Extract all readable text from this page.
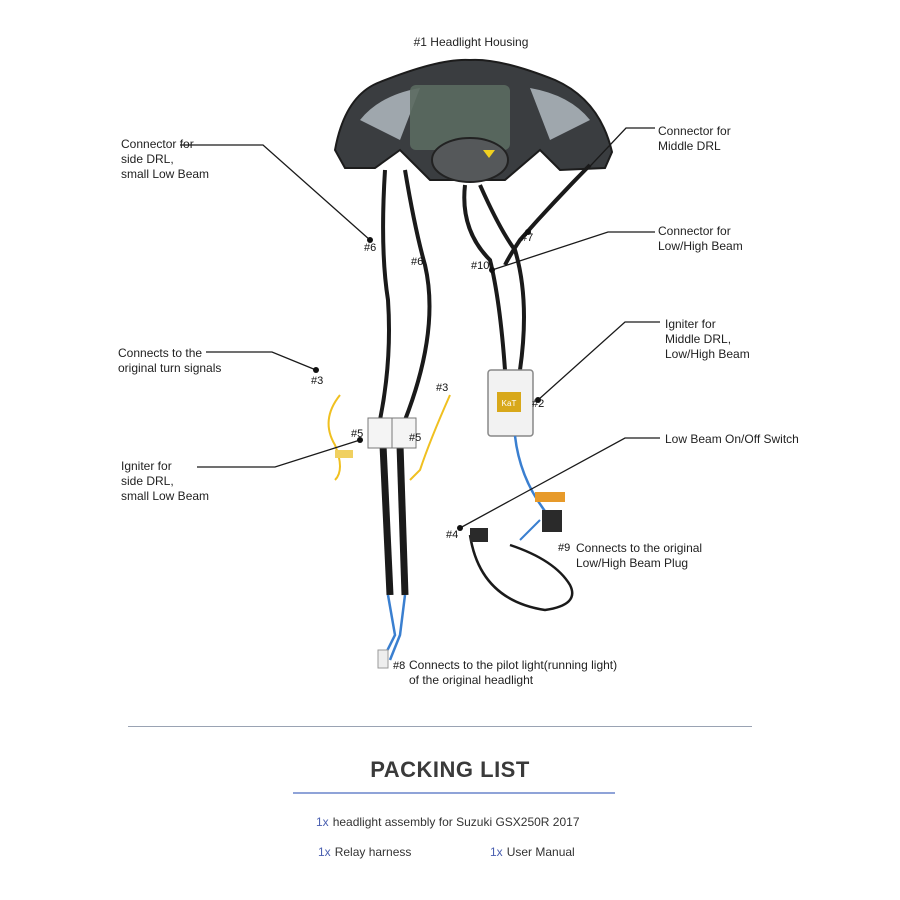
KaT
#1 Headlight Housing
Connector for
side DRL,
small Low Beam
Connector for
Middle DRL
Connector for
Low/High Beam
Connects to the
original turn signals
Igniter for
Middle DRL,
Low/High Beam
Igniter for
side DRL,
small Low Beam
Low Beam On/Off Switch
Connects to the original
Low/High Beam Plug
Connects to the pilot light(running light)
of the original headlight
#6
#6
#7
#10
#3
#3
#5	#5
#2
#4
#9
#8
PACKING LIST
1x headlight assembly for Suzuki GSX250R 2017
1x Relay harness	1x User Manual
